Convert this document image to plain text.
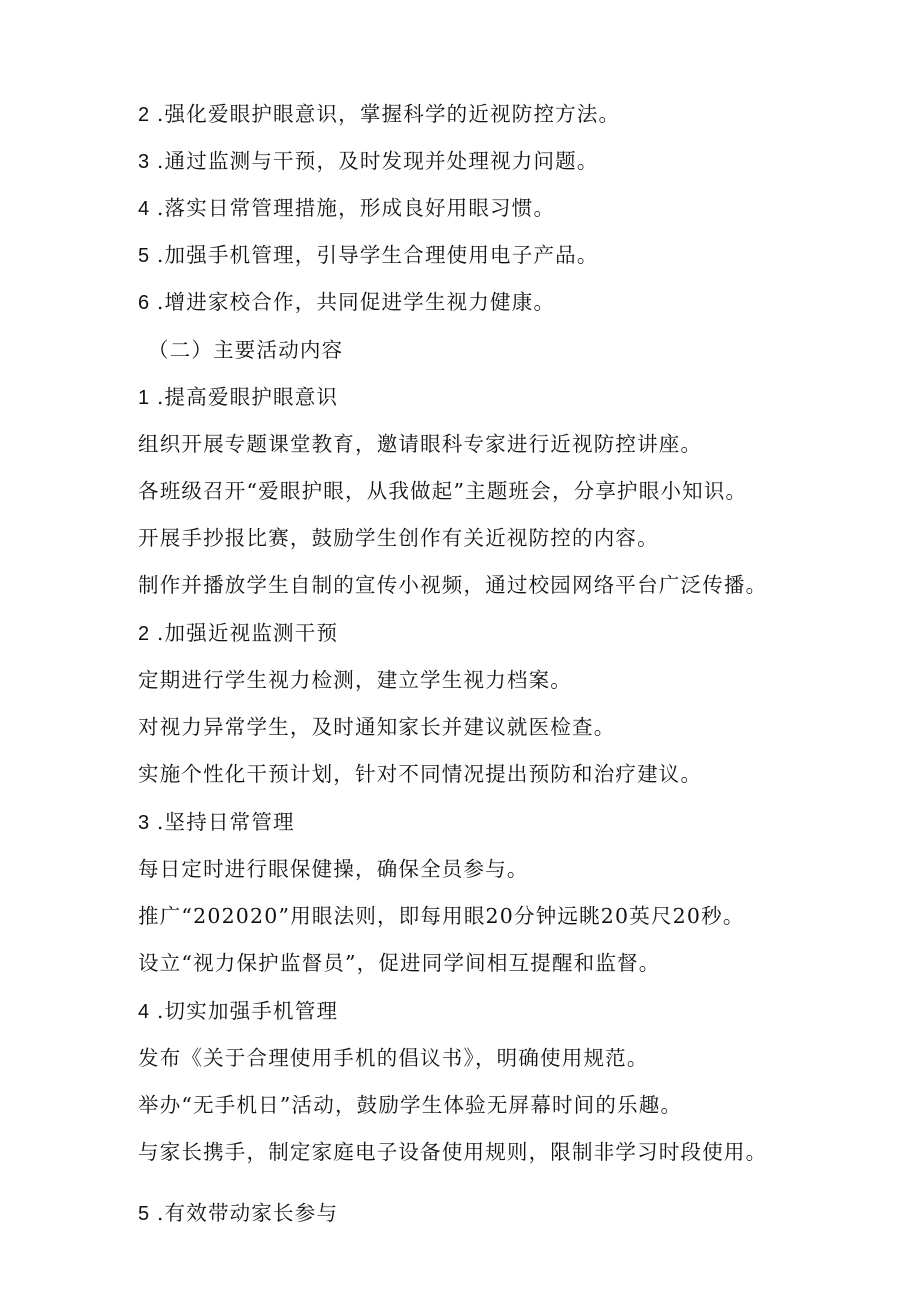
2 .强化爱眼护眼意识，掌握科学的近视防控方法。
3 .通过监测与干预，及时发现并处理视力问题。
4 .落实日常管理措施，形成良好用眼习惯。
5 .加强手机管理，引导学生合理使用电子产品。
6 .增进家校合作，共同促进学生视力健康。
（二）主要活动内容
1 .提高爱眼护眼意识
组织开展专题课堂教育，邀请眼科专家进行近视防控讲座。
各班级召开“爱眼护眼，从我做起”主题班会，分享护眼小知识。
开展手抄报比赛，鼓励学生创作有关近视防控的内容。
制作并播放学生自制的宣传小视频，通过校园网络平台广泛传播。
2 .加强近视监测干预
定期进行学生视力检测，建立学生视力档案。
对视力异常学生，及时通知家长并建议就医检查。
实施个性化干预计划，针对不同情况提出预防和治疗建议。
3 .坚持日常管理
每日定时进行眼保健操，确保全员参与。
推广“202020”用眼法则，即每用眼20分钟远眺20英尺20秒。
设立“视力保护监督员”，促进同学间相互提醒和监督。
4 .切实加强手机管理
发布《关于合理使用手机的倡议书》，明确使用规范。
举办“无手机日”活动，鼓励学生体验无屏幕时间的乐趣。
与家长携手，制定家庭电子设备使用规则，限制非学习时段使用。
5 .有效带动家长参与
